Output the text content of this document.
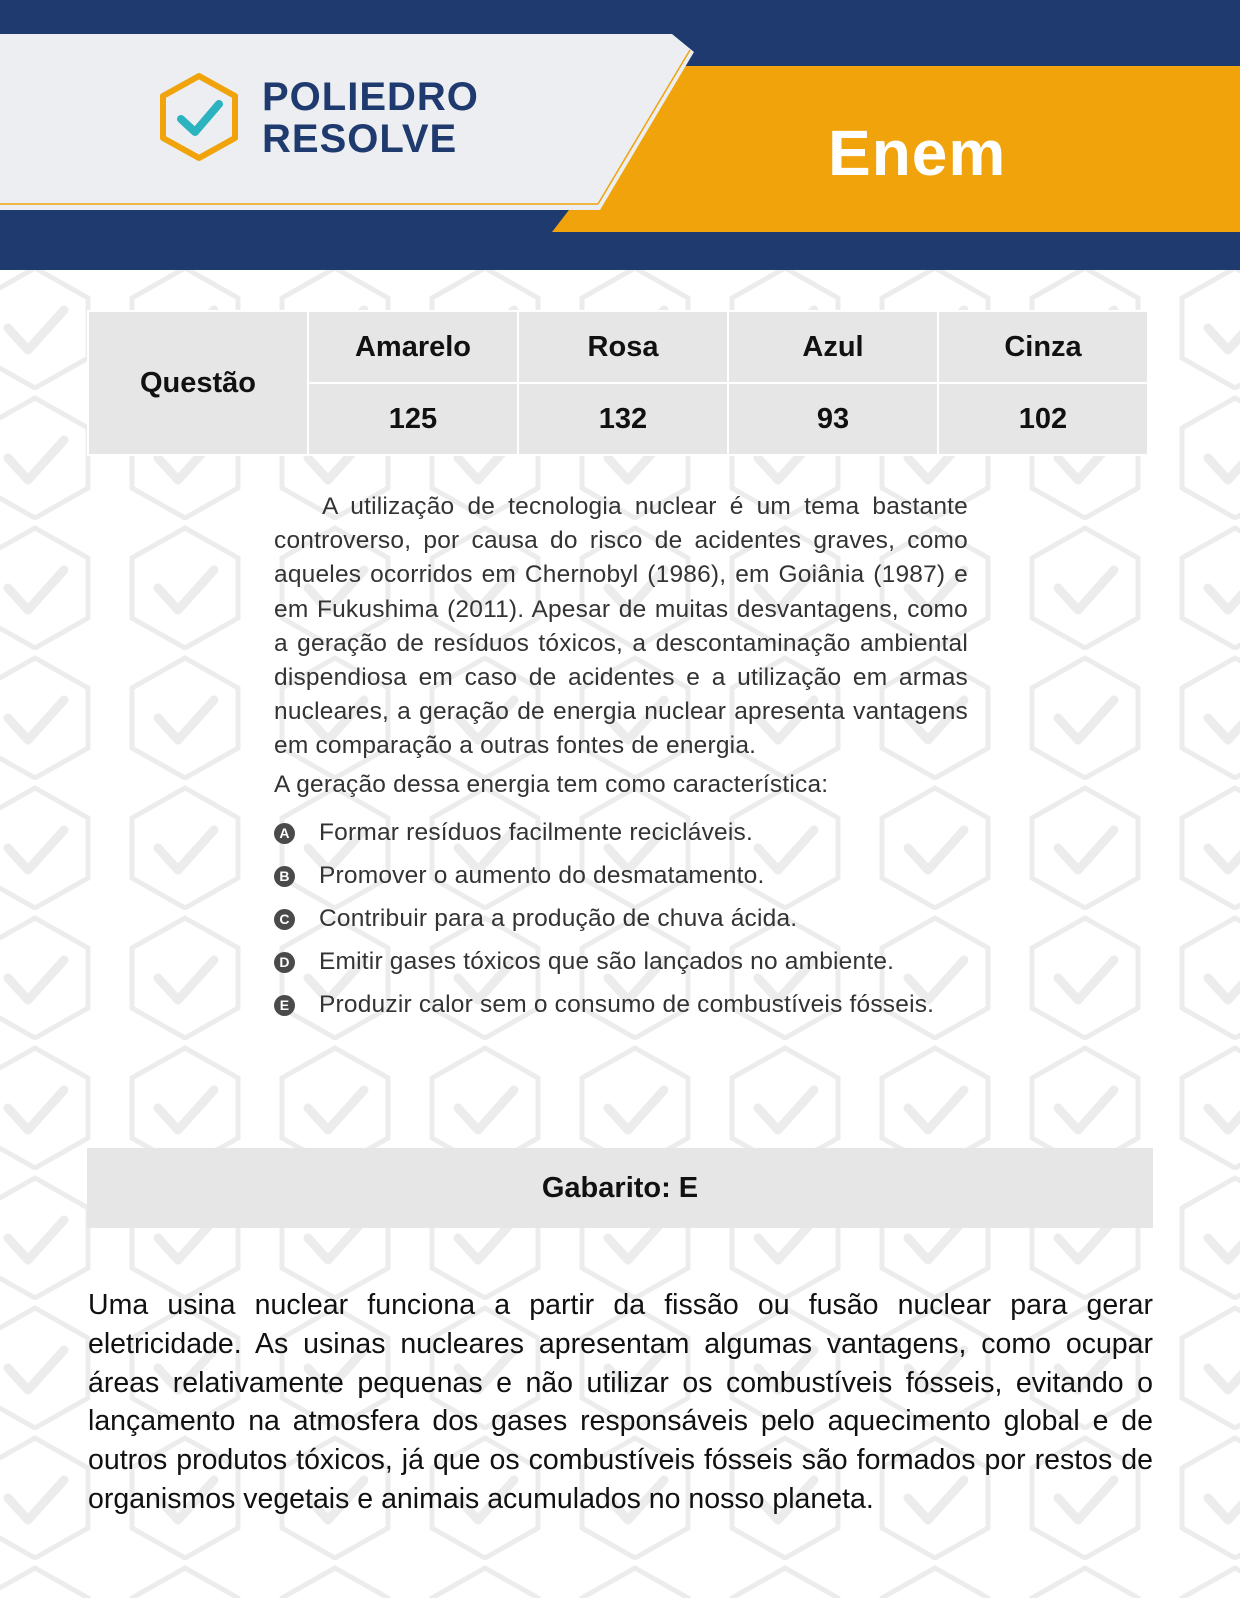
POLIEDRO
RESOLVE	Enem
Questão	Amarelo	Rosa	Azul	Cinza
	125	132	93	102

A utilização de tecnologia nuclear é um tema bastante controverso, por causa do risco de acidentes graves, como aqueles ocorridos em Chernobyl (1986), em Goiânia (1987) e em Fukushima (2011). Apesar de muitas desvantagens, como a geração de resíduos tóxicos, a descontaminação ambiental dispendiosa em caso de acidentes e a utilização em armas nucleares, a geração de energia nuclear apresenta vantagens em comparação a outras fontes de energia.

A geração dessa energia tem como característica:

A Formar resíduos facilmente recicláveis.
B Promover o aumento do desmatamento.
C Contribuir para a produção de chuva ácida.
D Emitir gases tóxicos que são lançados no ambiente.
E Produzir calor sem o consumo de combustíveis fósseis.
Gabarito: E

Uma usina nuclear funciona a partir da fissão ou fusão nuclear para gerar eletricidade. As usinas nucleares apresentam algumas vantagens, como ocupar áreas relativamente pequenas e não utilizar os combustíveis fósseis, evitando o lançamento na atmosfera dos gases responsáveis pelo aquecimento global e de outros produtos tóxicos, já que os combustíveis fósseis são formados por restos de organismos vegetais e animais acumulados no nosso planeta.
